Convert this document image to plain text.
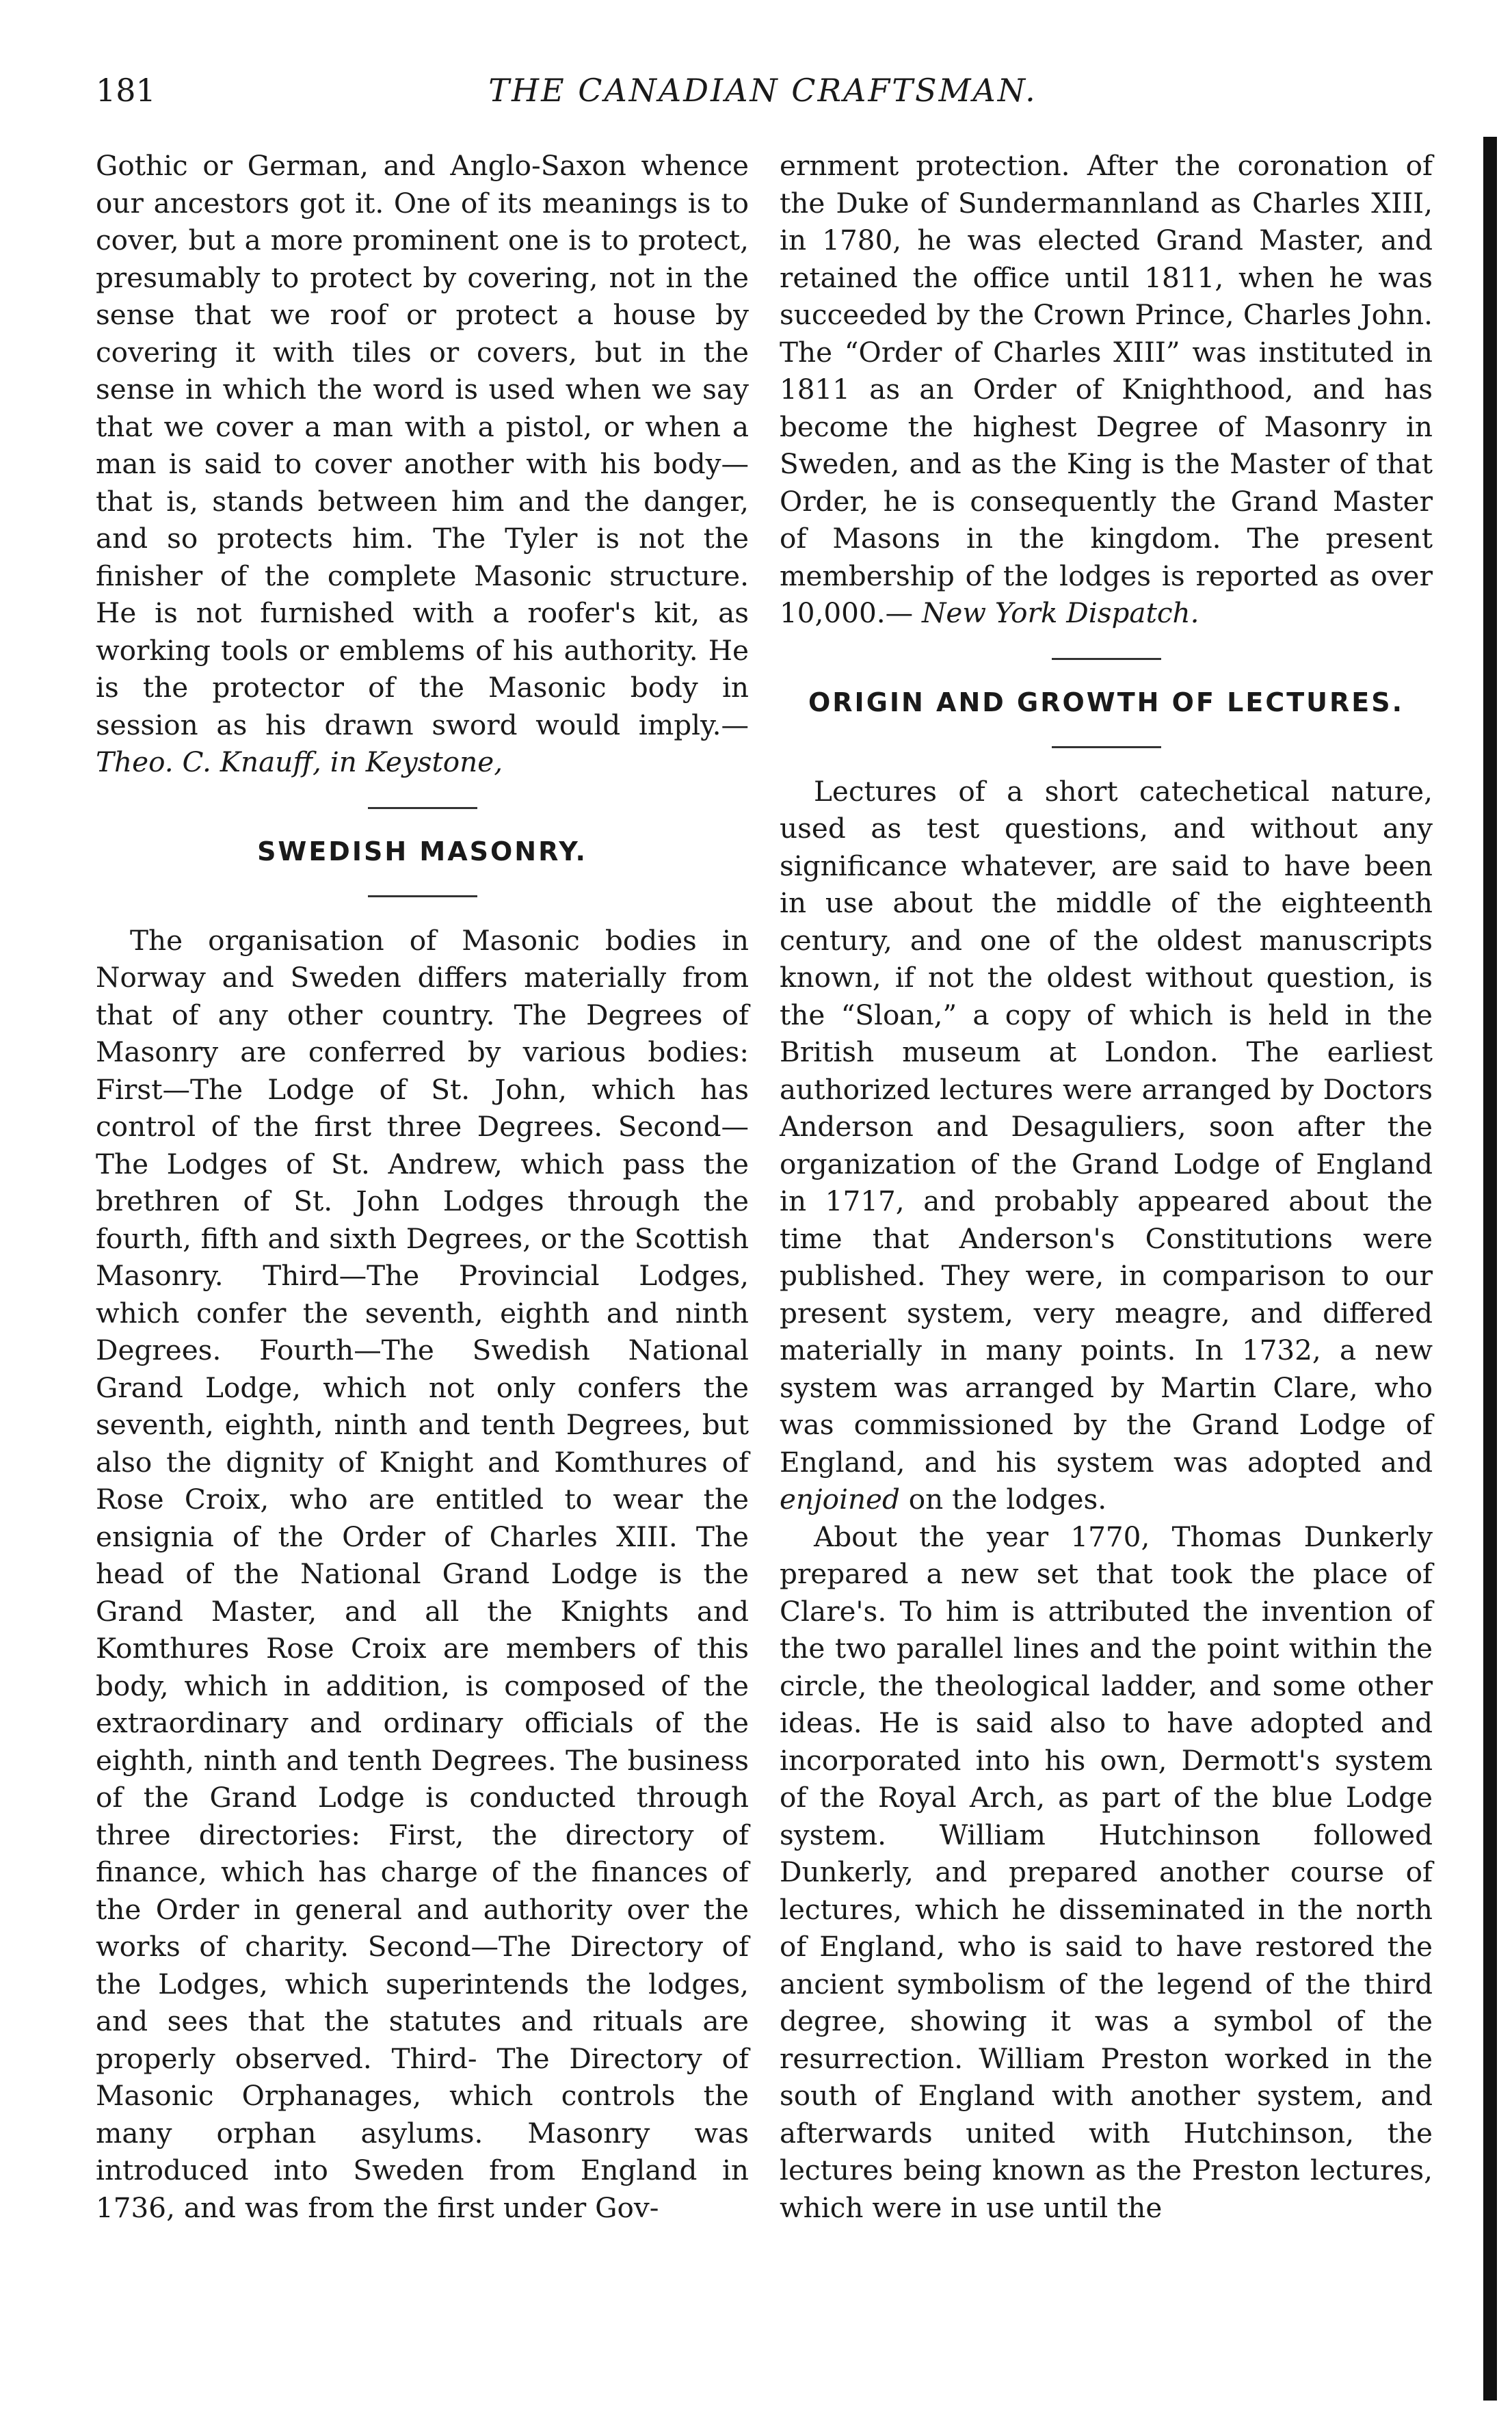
181	THE CANADIAN CRAFTSMAN.

Gothic or German, and Anglo-Saxon whence our ancestors got it. One of its meanings is to cover, but a more prominent one is to protect, presumably to protect by covering, not in the sense that we roof or protect a house by covering it with tiles or covers, but in the sense in which the word is used when we say that we cover a man with a pistol, or when a man is said to cover another with his body—that is, stands between him and the danger, and so protects him. The Tyler is not the finisher of the complete Masonic structure. He is not furnished with a roofer's kit, as working tools or emblems of his authority. He is the protector of the Masonic body in session as his drawn sword would imply.— Theo. C. Knauff, in Keystone,

SWEDISH MASONRY.

The organisation of Masonic bodies in Norway and Sweden differs materially from that of any other country. The Degrees of Masonry are conferred by various bodies: First—The Lodge of St. John, which has control of the first three Degrees. Second—The Lodges of St. Andrew, which pass the brethren of St. John Lodges through the fourth, fifth and sixth Degrees, or the Scottish Masonry. Third—The Provincial Lodges, which confer the seventh, eighth and ninth Degrees. Fourth—The Swedish National Grand Lodge, which not only confers the seventh, eighth, ninth and tenth Degrees, but also the dignity of Knight and Komthures of Rose Croix, who are entitled to wear the ensignia of the Order of Charles XIII. The head of the National Grand Lodge is the Grand Master, and all the Knights and Komthures Rose Croix are members of this body, which in addition, is composed of the extraordinary and ordinary officials of the eighth, ninth and tenth Degrees. The business of the Grand Lodge is conducted through three directories: First, the directory of finance, which has charge of the finances of the Order in general and authority over the works of charity. Second—The Directory of the Lodges, which superintends the lodges, and sees that the statutes and rituals are properly observed. Third- The Directory of Masonic Orphanages, which controls the many orphan asylums. Masonry was introduced into Sweden from England in 1736, and was from the first under Gov-

ernment protection. After the coronation of the Duke of Sundermannland as Charles XIII, in 1780, he was elected Grand Master, and retained the office until 1811, when he was succeeded by the Crown Prince, Charles John. The “Order of Charles XIII” was instituted in 1811 as an Order of Knighthood, and has become the highest Degree of Masonry in Sweden, and as the King is the Master of that Order, he is consequently the Grand Master of Masons in the kingdom. The present membership of the lodges is reported as over 10,000.— New York Dispatch.

ORIGIN AND GROWTH OF LECTURES.

Lectures of a short catechetical nature, used as test questions, and without any significance whatever, are said to have been in use about the middle of the eighteenth century, and one of the oldest manuscripts known, if not the oldest without question, is the “Sloan,” a copy of which is held in the British museum at London. The earliest authorized lectures were arranged by Doctors Anderson and Desaguliers, soon after the organization of the Grand Lodge of England in 1717, and probably appeared about the time that Anderson's Constitutions were published. They were, in comparison to our present system, very meagre, and differed materially in many points. In 1732, a new system was arranged by Martin Clare, who was commissioned by the Grand Lodge of England, and his system was adopted and enjoined on the lodges.

About the year 1770, Thomas Dunkerly prepared a new set that took the place of Clare's. To him is attributed the invention of the two parallel lines and the point within the circle, the theological ladder, and some other ideas. He is said also to have adopted and incorporated into his own, Dermott's system of the Royal Arch, as part of the blue Lodge system. William Hutchinson followed Dunkerly, and prepared another course of lectures, which he disseminated in the north of England, who is said to have restored the ancient symbolism of the legend of the third degree, showing it was a symbol of the resurrection. William Preston worked in the south of England with another system, and afterwards united with Hutchinson, the lectures being known as the Preston lectures, which were in use until the
